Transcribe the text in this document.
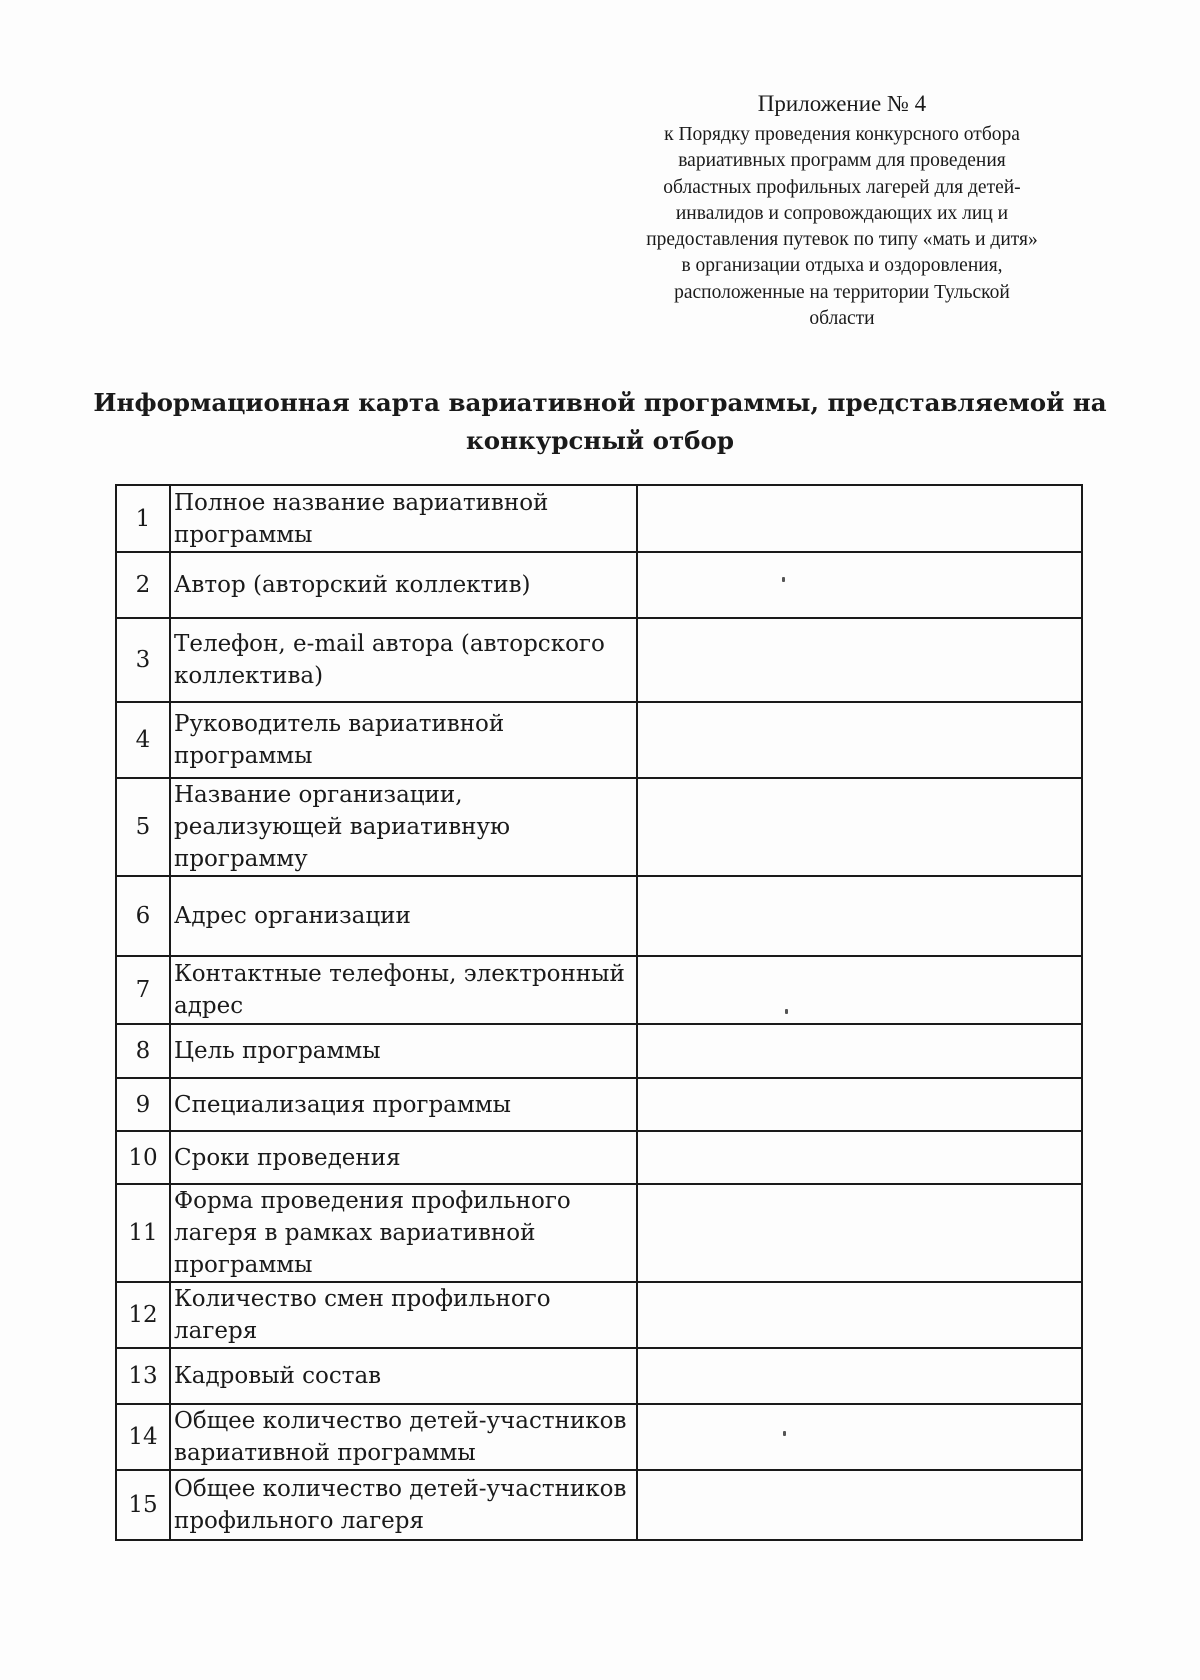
Приложение № 4
к Порядку проведения конкурсного отбора
вариативных программ для проведения
областных профильных лагерей для детей-
инвалидов и сопровождающих их лиц и
предоставления путевок по типу «мать и дитя»
в организации отдыха и оздоровления,
расположенные на территории Тульской
области
Информационная карта вариативной программы, представляемой на
конкурсный отбор
1	Полное название вариативной программы	
2	Автор (авторский коллектив)	
3	Телефон, e-mail автора (авторского коллектива)	
4	Руководитель вариативной программы	
5	Название организации, реализующей вариативную программу	
6	Адрес организации	
7	Контактные телефоны, электронный адрес	
8	Цель программы	
9	Специализация программы	
10	Сроки проведения	
11	Форма проведения профильного лагеря в рамках вариативной программы	
12	Количество смен профильного лагеря	
13	Кадровый состав	
14	Общее количество детей-участников вариативной программы	
15	Общее количество детей-участников профильного лагеря	
